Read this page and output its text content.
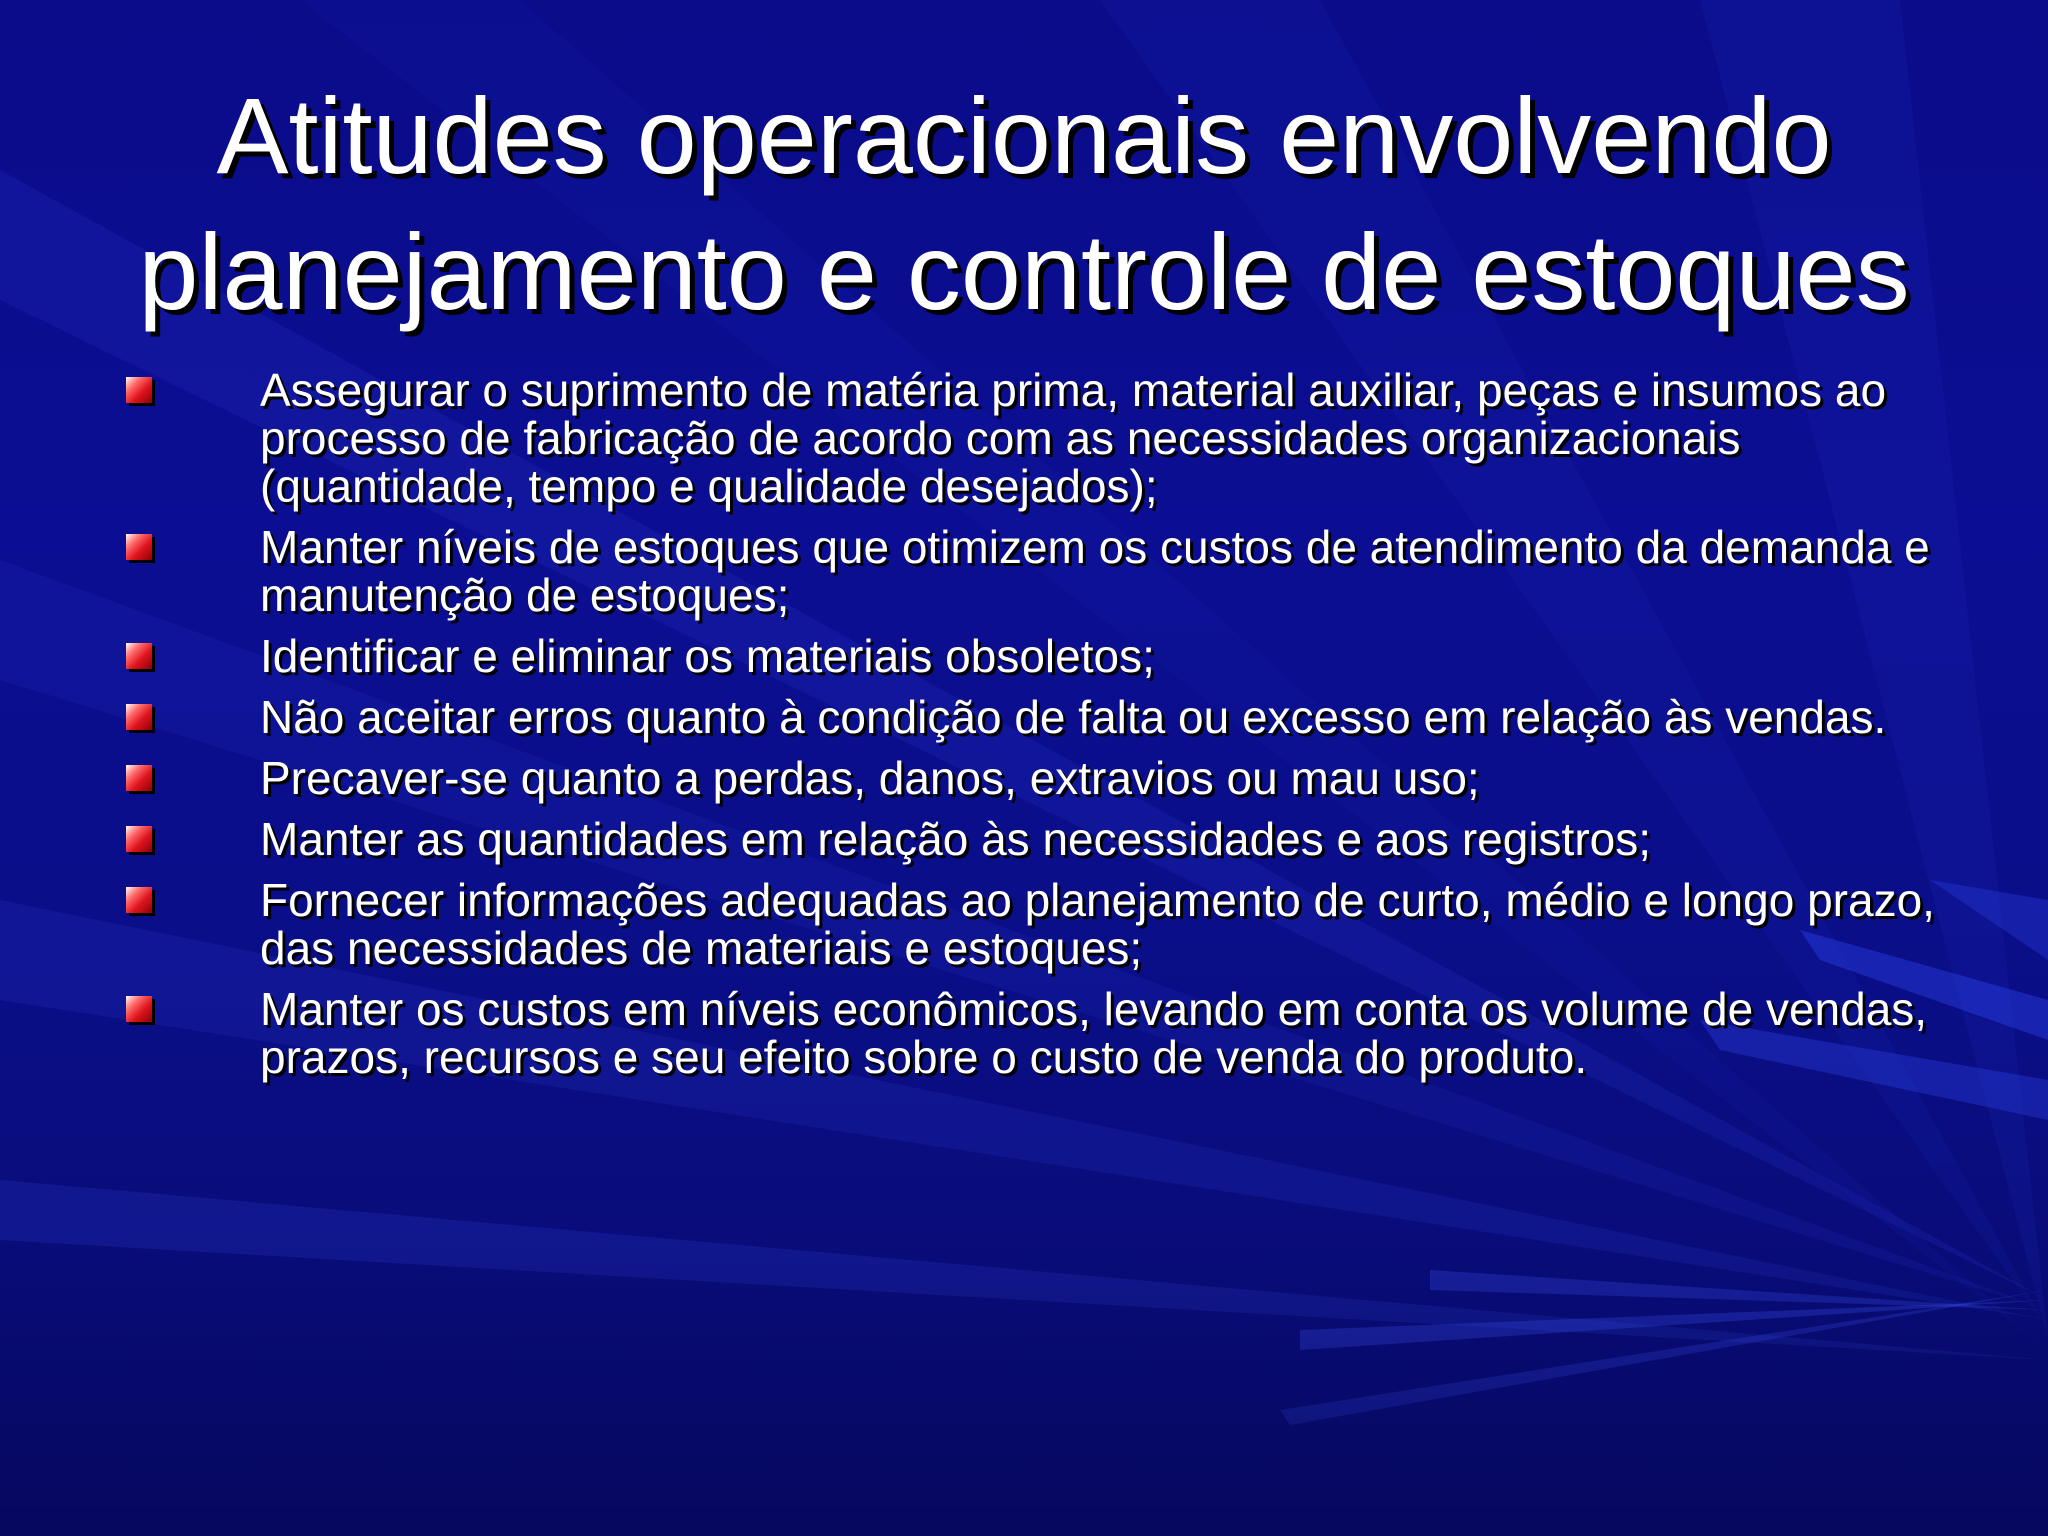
Atitudes operacionais envolvendo
planejamento e controle de estoques
Assegurar o suprimento de matéria prima, material auxiliar, peças e insumos ao processo de fabricação de acordo com as necessidades organizacionais (quantidade, tempo e qualidade desejados);
Manter níveis de estoques que otimizem os custos de atendimento da demanda e manutenção de estoques;
Identificar e eliminar os materiais obsoletos;
Não aceitar erros quanto à condição de falta ou excesso em relação às vendas.
Precaver-se quanto a perdas, danos, extravios ou mau uso;
Manter as quantidades em relação às necessidades e aos registros;
Fornecer informações adequadas ao planejamento de curto, médio e longo prazo, das necessidades de materiais e estoques;
Manter os custos em níveis econômicos, levando em conta os volume de vendas, prazos, recursos e seu efeito sobre o custo de venda do produto.
